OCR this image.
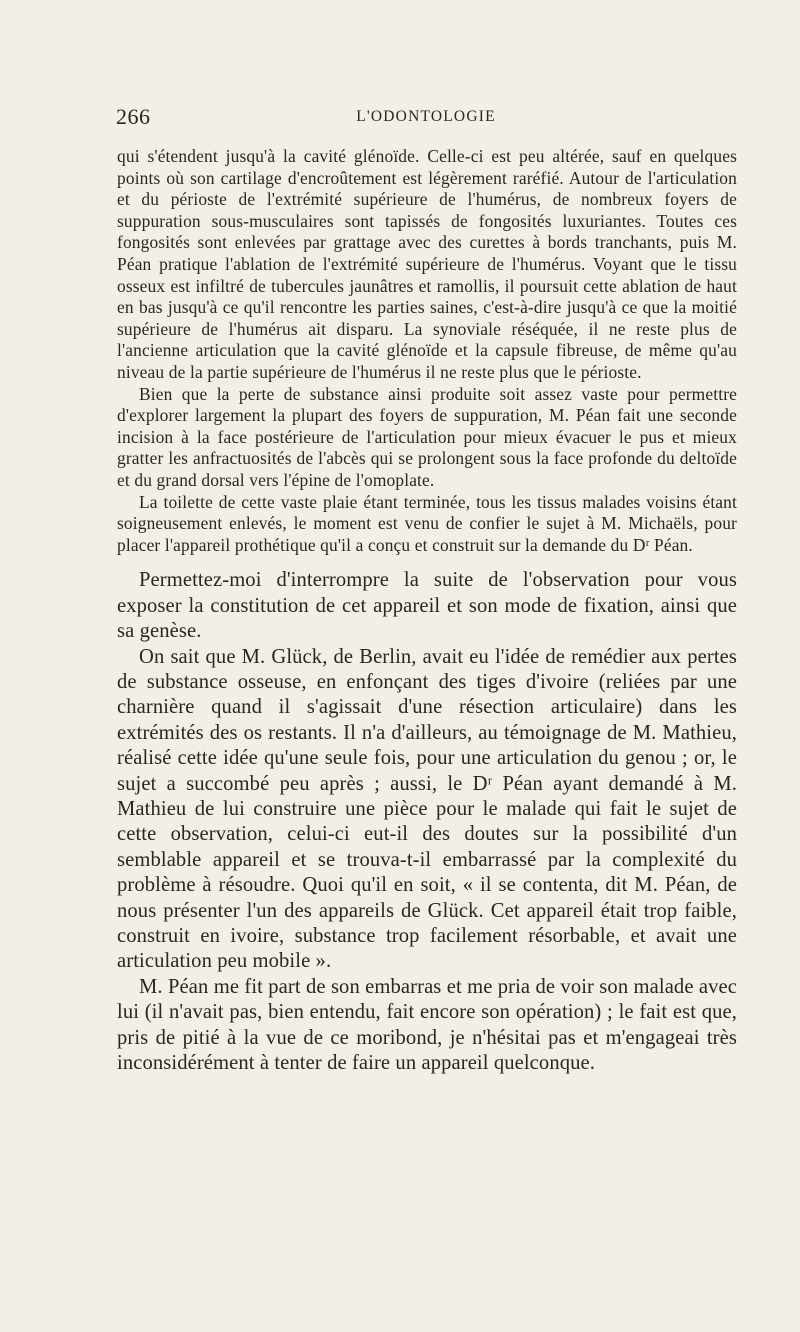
266	L'ODONTOLOGIE

qui s'étendent jusqu'à la cavité glénoïde. Celle-ci est peu altérée, sauf en quelques points où son cartilage d'encroûtement est légèrement raréfié. Autour de l'articulation et du périoste de l'extrémité supérieure de l'humérus, de nombreux foyers de suppuration sous-musculaires sont tapissés de fongosités luxuriantes. Toutes ces fongosités sont enlevées par grattage avec des curettes à bords tranchants, puis M. Péan pratique l'ablation de l'extrémité supérieure de l'humérus. Voyant que le tissu osseux est infiltré de tubercules jaunâtres et ramollis, il poursuit cette ablation de haut en bas jusqu'à ce qu'il rencontre les parties saines, c'est-à-dire jusqu'à ce que la moitié supérieure de l'humérus ait disparu. La synoviale réséquée, il ne reste plus de l'ancienne articulation que la cavité glénoïde et la capsule fibreuse, de même qu'au niveau de la partie supérieure de l'humérus il ne reste plus que le périoste.

Bien que la perte de substance ainsi produite soit assez vaste pour permettre d'explorer largement la plupart des foyers de suppuration, M. Péan fait une seconde incision à la face postérieure de l'articulation pour mieux évacuer le pus et mieux gratter les anfractuosités de l'abcès qui se prolongent sous la face profonde du deltoïde et du grand dorsal vers l'épine de l'omoplate.

La toilette de cette vaste plaie étant terminée, tous les tissus malades voisins étant soigneusement enlevés, le moment est venu de confier le sujet à M. Michaëls, pour placer l'appareil prothétique qu'il a conçu et construit sur la demande du Dʳ Péan.

Permettez-moi d'interrompre la suite de l'observation pour vous exposer la constitution de cet appareil et son mode de fixation, ainsi que sa genèse.

On sait que M. Glück, de Berlin, avait eu l'idée de remédier aux pertes de substance osseuse, en enfonçant des tiges d'ivoire (reliées par une charnière quand il s'agissait d'une résection articulaire) dans les extrémités des os restants. Il n'a d'ailleurs, au témoignage de M. Mathieu, réalisé cette idée qu'une seule fois, pour une articulation du genou ; or, le sujet a succombé peu après ; aussi, le Dʳ Péan ayant demandé à M. Mathieu de lui construire une pièce pour le malade qui fait le sujet de cette observation, celui-ci eut-il des doutes sur la possibilité d'un semblable appareil et se trouva-t-il embarrassé par la complexité du problème à résoudre. Quoi qu'il en soit, « il se contenta, dit M. Péan, de nous présenter l'un des appareils de Glück. Cet appareil était trop faible, construit en ivoire, substance trop facilement résorbable, et avait une articulation peu mobile ».

M. Péan me fit part de son embarras et me pria de voir son malade avec lui (il n'avait pas, bien entendu, fait encore son opération) ; le fait est que, pris de pitié à la vue de ce moribond, je n'hésitai pas et m'engageai très inconsidérément à tenter de faire un appareil quelconque.
